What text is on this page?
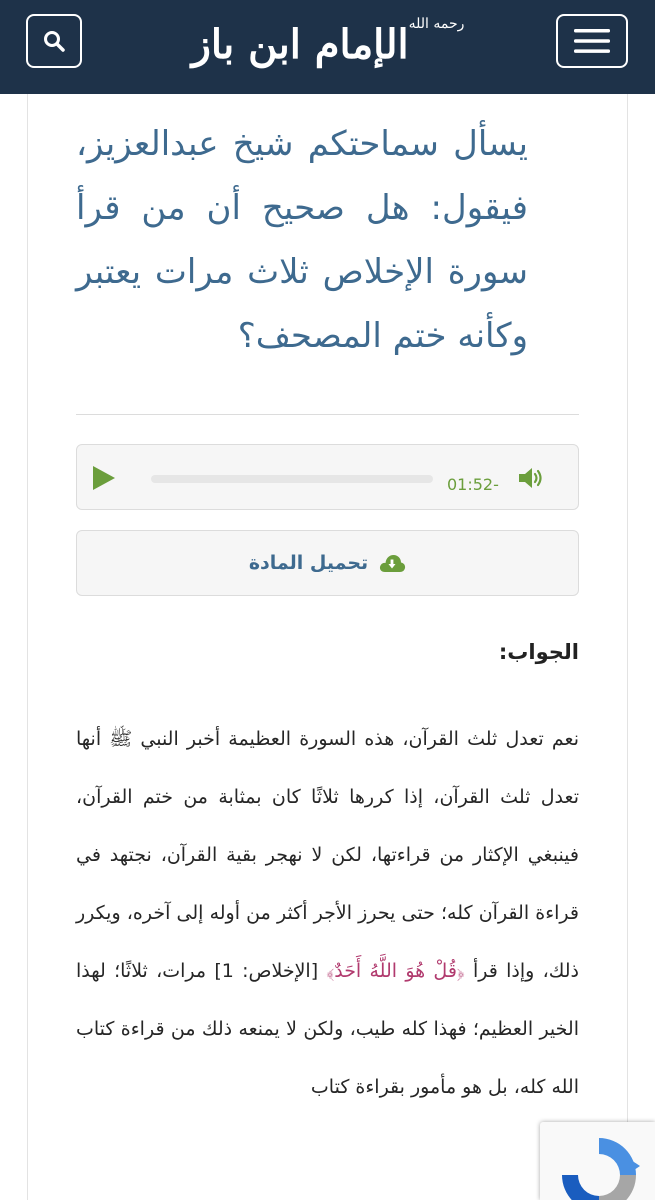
رحمه الله
الإمام ابن باز
يسأل سماحتكم شيخ عبدالعزيز، فيقول: هل صحيح أن من قرأ سورة الإخلاص ثلاث مرات يعتبر وكأنه ختم المصحف؟
01:52-
تحميل المادة
الجواب:

نعم تعدل ثلث القرآن، هذه السورة العظيمة أخبر النبي ﷺ أنها تعدل ثلث القرآن، إذا كررها ثلاثًا كان بمثابة من ختم القرآن، فينبغي الإكثار من قراءتها، لكن لا نهجر بقية القرآن، نجتهد في قراءة القرآن كله؛ حتى يحرز الأجر أكثر من أوله إلى آخره، ويكرر ذلك، وإذا قرأ ﴿قُلْ هُوَ اللَّهُ أَحَدٌ﴾ [الإخلاص: 1] مرات، ثلاثًا؛ لهذا الخير العظيم؛ فهذا كله طيب، ولكن لا يمنعه ذلك من قراءة كتاب الله كله، بل هو مأمور بقراءة كتاب
